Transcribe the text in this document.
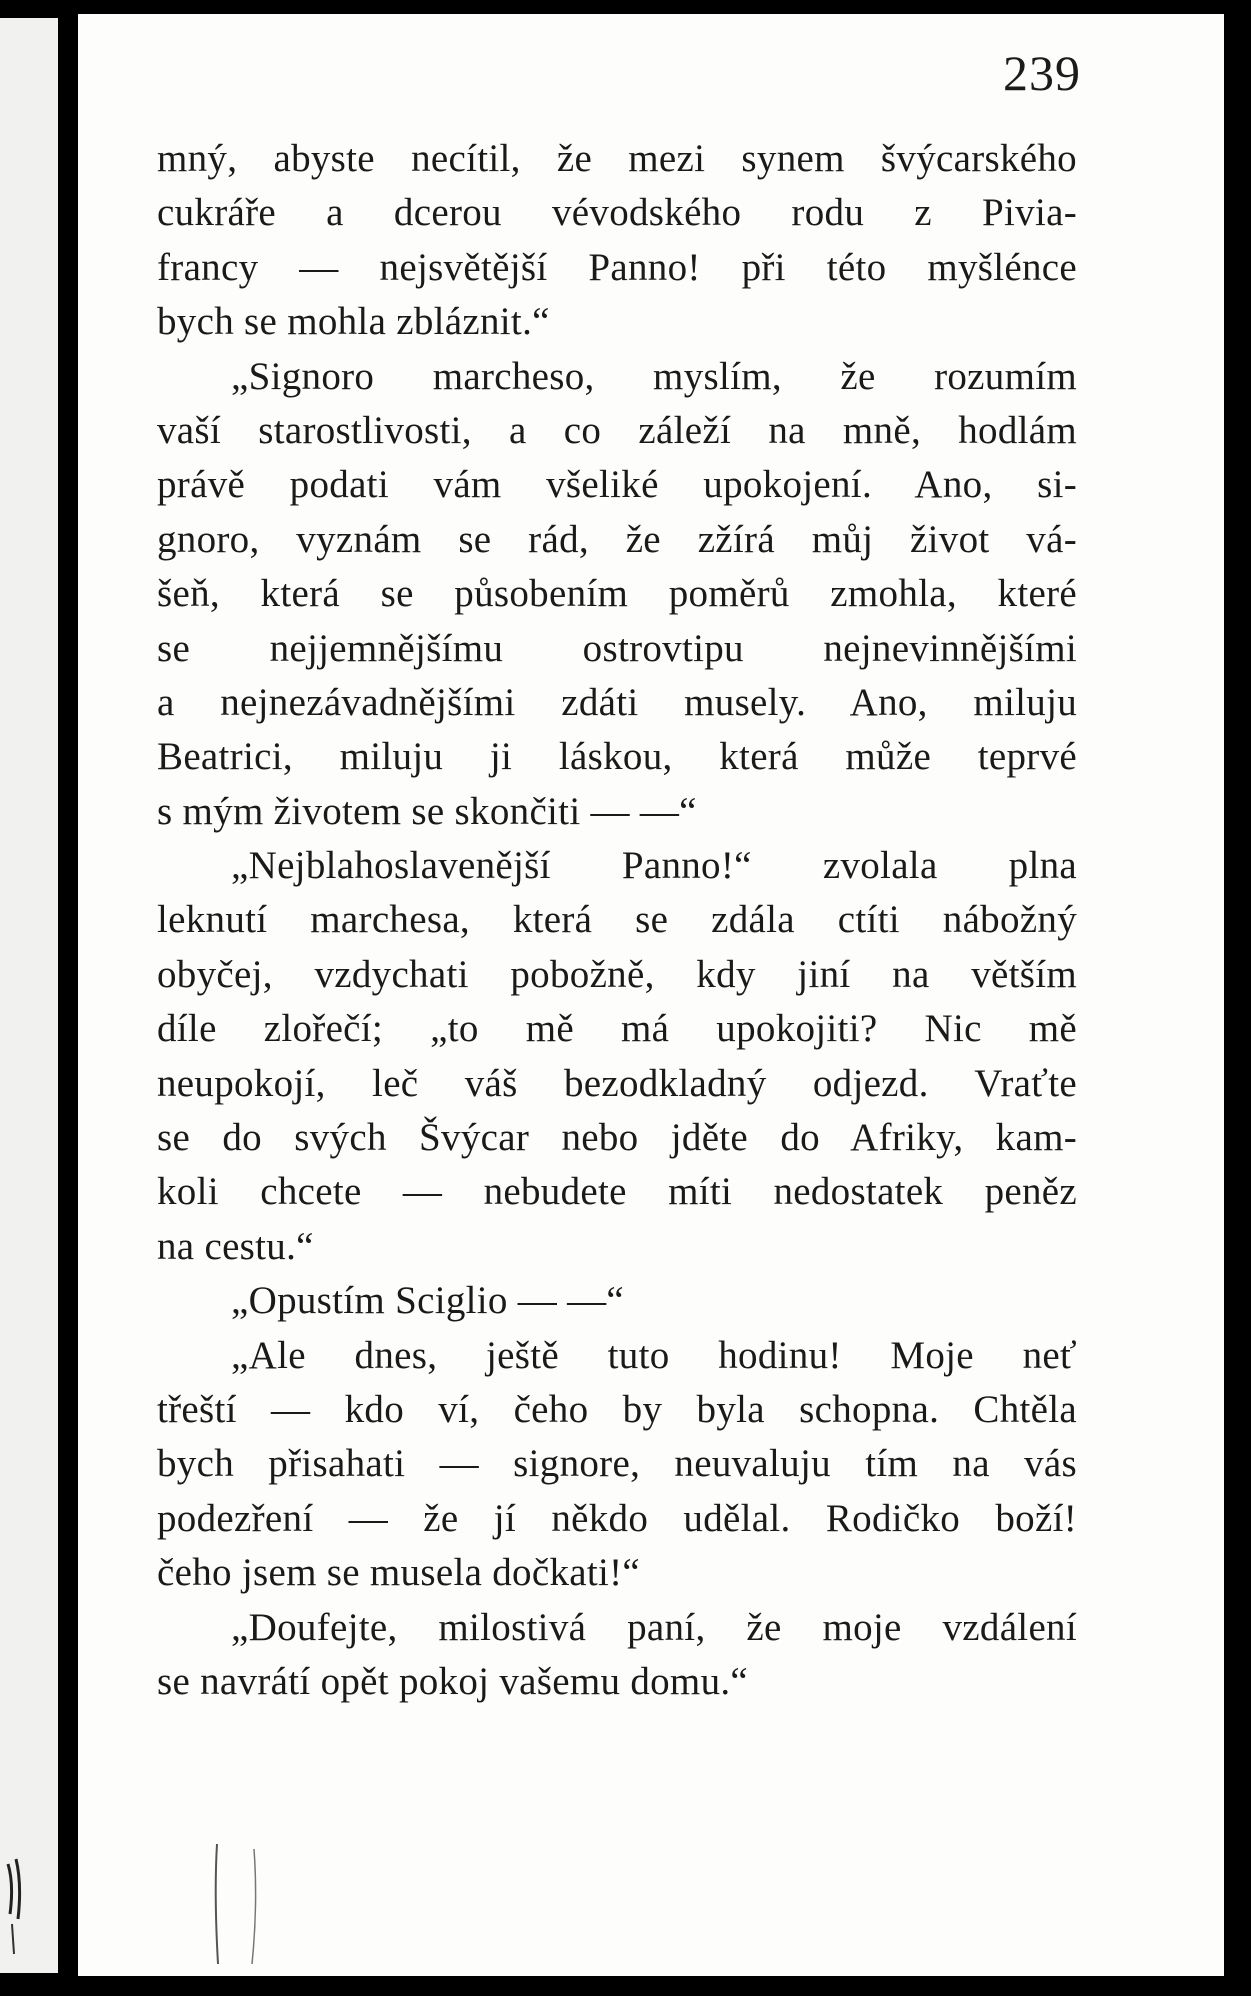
239
mný, abyste necítil, že mezi synem švýcarského
cukráře a dcerou vévodského rodu z Pivia-
francy — nejsvětější Panno! při této myšlénce
bych se mohla zbláznit.“
„Signoro marcheso, myslím, že rozumím
vaší starostlivosti, a co záleží na mně, hodlám
právě podati vám všeliké upokojení. Ano, si-
gnoro, vyznám se rád, že zžírá můj život vá-
šeň, která se působením poměrů zmohla, které
se nejjemnějšímu ostrovtipu nejnevinnějšími
a nejnezávadnějšími zdáti musely. Ano, miluju
Beatrici, miluju ji láskou, která může teprvé
s mým životem se skončiti — —“
„Nejblahoslavenější Panno!“ zvolala plna
leknutí marchesa, která se zdála ctíti nábožný
obyčej, vzdychati pobožně, kdy jiní na větším
díle zlořečí; „to mě má upokojiti? Nic mě
neupokojí, leč váš bezodkladný odjezd. Vraťte
se do svých Švýcar nebo jděte do Afriky, kam-
koli chcete — nebudete míti nedostatek peněz
na cestu.“
„Opustím Sciglio — —“
„Ale dnes, ještě tuto hodinu! Moje neť
třeští — kdo ví, čeho by byla schopna. Chtěla
bych přisahati — signore, neuvaluju tím na vás
podezření — že jí někdo udělal. Rodičko boží!
čeho jsem se musela dočkati!“
„Doufejte, milostivá paní, že moje vzdálení
se navrátí opět pokoj vašemu domu.“
